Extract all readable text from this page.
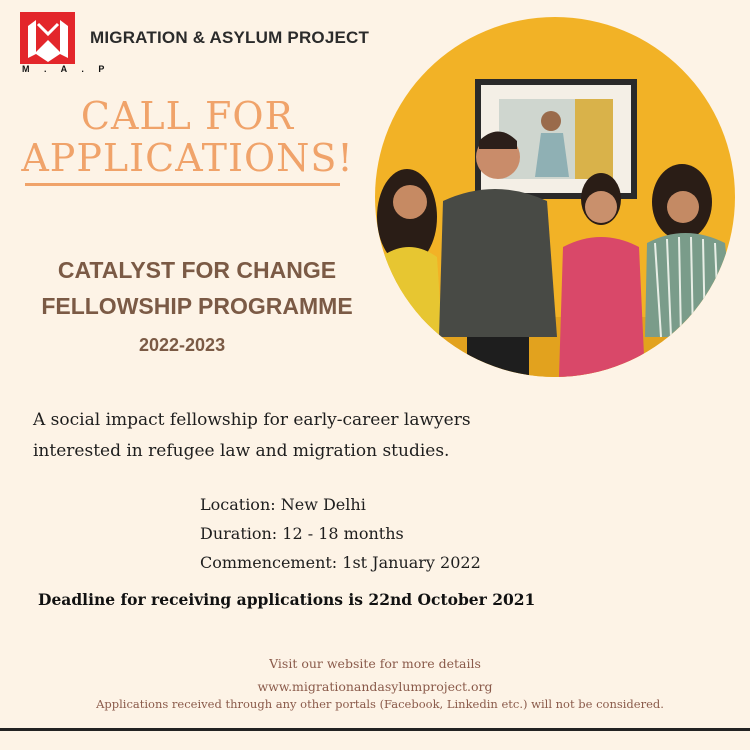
M . A . P
MIGRATION & ASYLUM PROJECT
CALL FOR
APPLICATIONS!
CATALYST FOR CHANGE
FELLOWSHIP PROGRAMME
2022-2023
A social impact fellowship for early-career lawyers
interested in refugee law and migration studies.
Location: New Delhi
Duration: 12 - 18 months
Commencement: 1st January 2022
Deadline for receiving applications is 22nd October 2021
Visit our website for more details
www.migrationandasylumproject.org
Applications received through any other portals (Facebook, Linkedin etc.) will not be considered.
